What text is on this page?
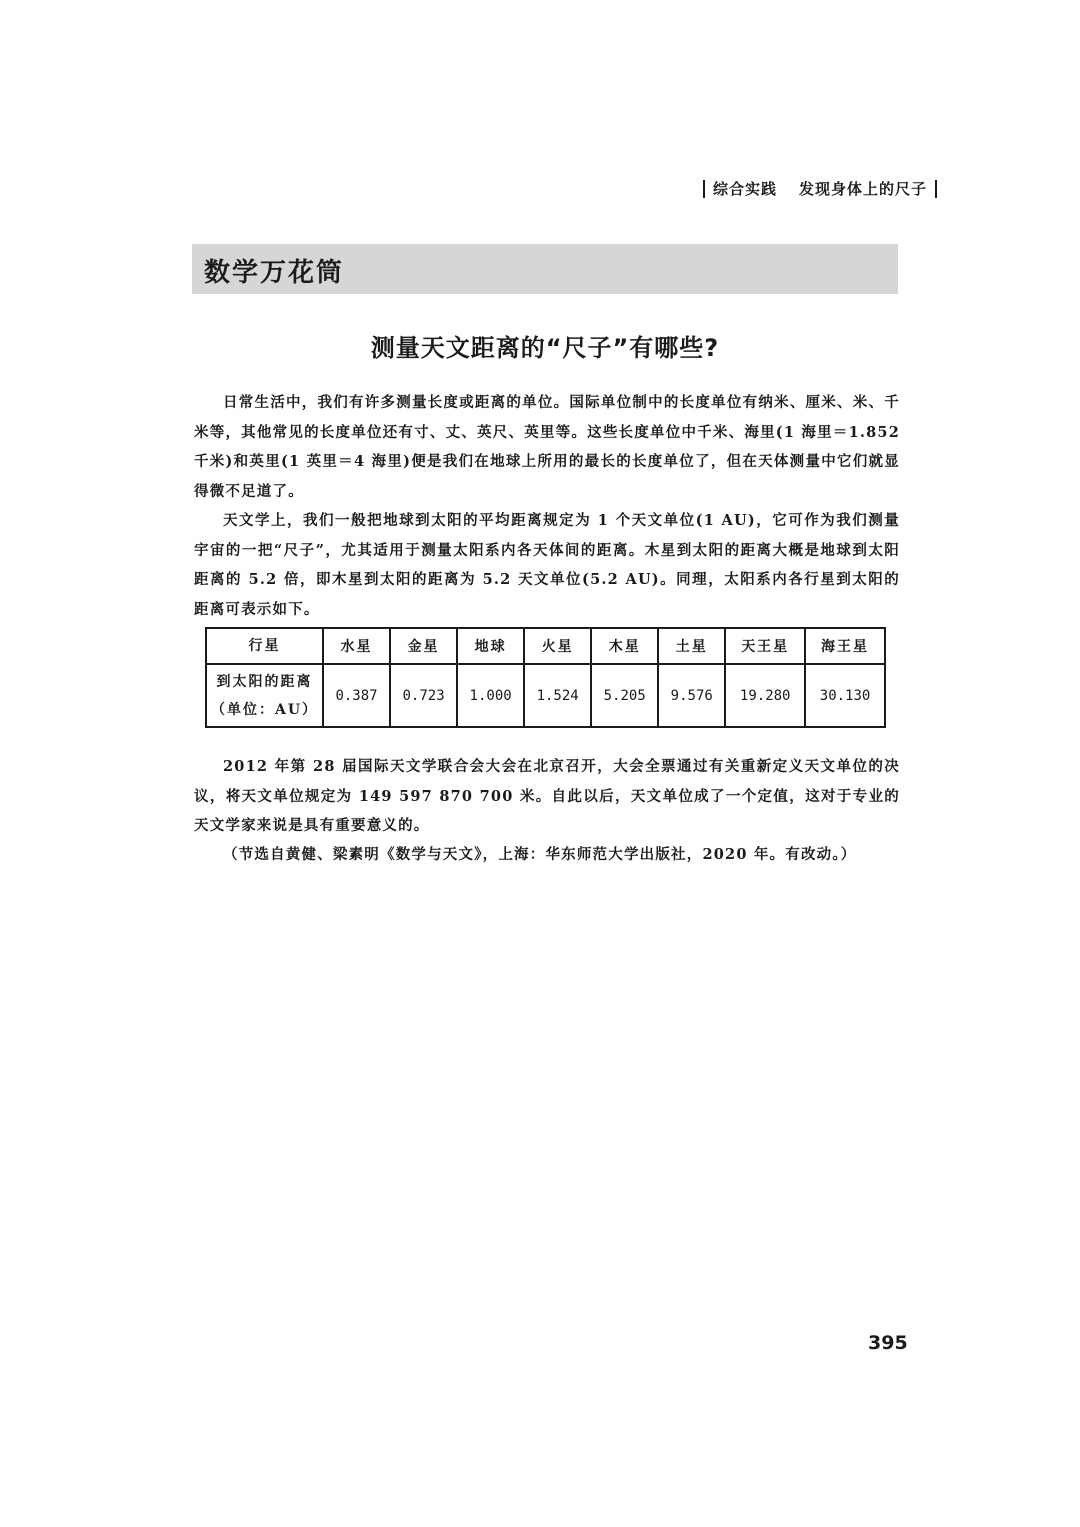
综合实践 发现身体上的尺子
数学万花筒
测量天文距离的“尺子”有哪些?

日常生活中，我们有许多测量长度或距离的单位。国际单位制中的长度单位有纳米、厘米、米、千米等，其他常见的长度单位还有寸、丈、英尺、英里等。这些长度单位中千米、海里(1 海里＝1.852 千米)和英里(1 英里＝4 海里)便是我们在地球上所用的最长的长度单位了，但在天体测量中它们就显得微不足道了。

天文学上，我们一般把地球到太阳的平均距离规定为 1 个天文单位(1 AU)，它可作为我们测量宇宙的一把“尺子”，尤其适用于测量太阳系内各天体间的距离。木星到太阳的距离大概是地球到太阳距离的 5.2 倍，即木星到太阳的距离为 5.2 天文单位(5.2 AU)。同理，太阳系内各行星到太阳的距离可表示如下。

行星	水星	金星	地球	火星	木星	土星	天王星	海王星

到太阳的距离
（单位：AU）	0.387	0.723	1.000	1.524	5.205	9.576	19.280	30.130

2012 年第 28 届国际天文学联合会大会在北京召开，大会全票通过有关重新定义天文单位的决议，将天文单位规定为 149 597 870 700 米。自此以后，天文单位成了一个定值，这对于专业的天文学家来说是具有重要意义的。

（节选自黄健、梁素明《数学与天文》，上海：华东师范大学出版社，2020 年。有改动。）

395
